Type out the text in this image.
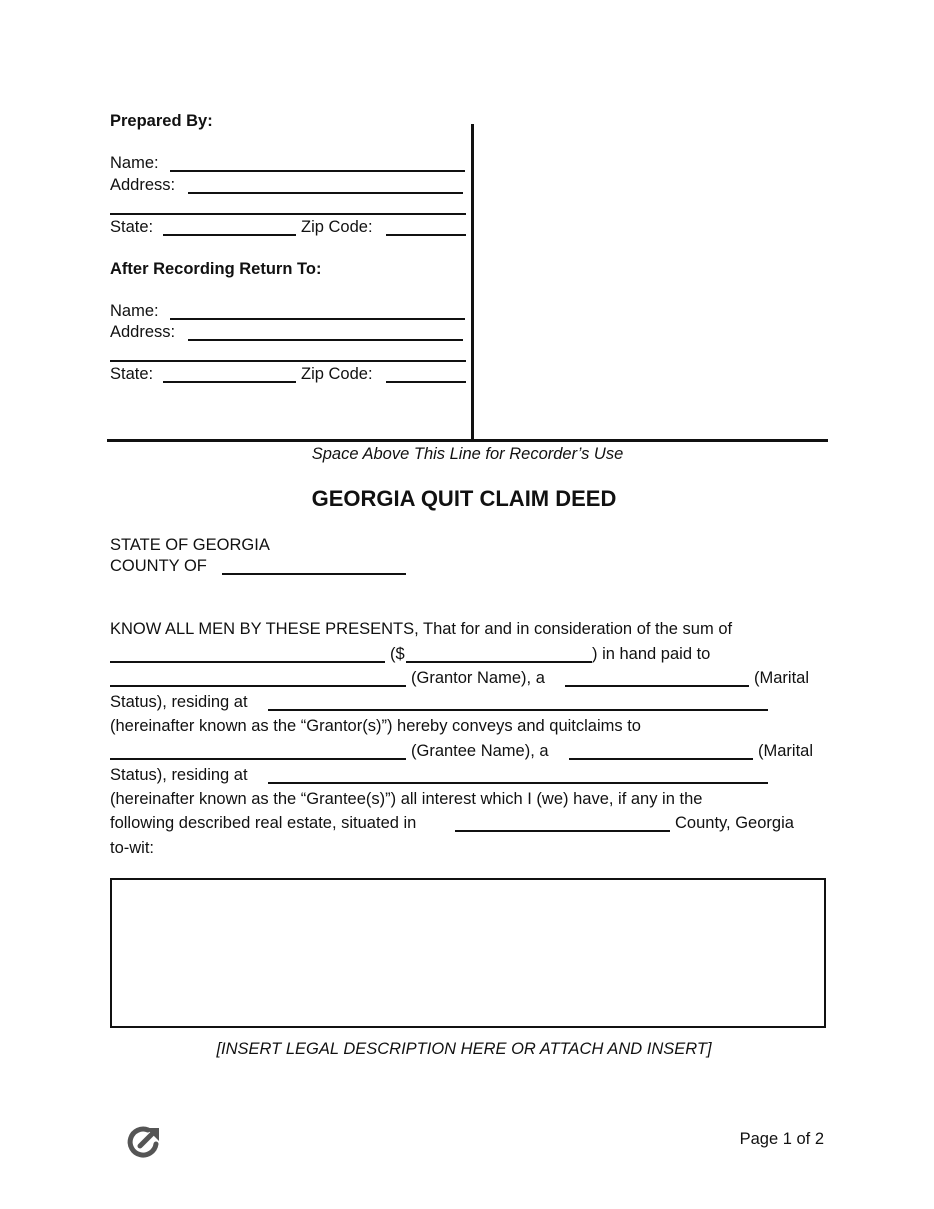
Prepared By:
Name:
Address:
State:	Zip Code:
After Recording Return To:
Name:
Address:
State:	Zip Code:
Space Above This Line for Recorder’s Use
GEORGIA QUIT CLAIM DEED
STATE OF GEORGIA
COUNTY OF
KNOW ALL MEN BY THESE PRESENTS, That for and in consideration of the sum of
($	) in hand paid to
(Grantor Name), a	(Marital
Status), residing at
(hereinafter known as the “Grantor(s)”) hereby conveys and quitclaims to
(Grantee Name), a	(Marital
Status), residing at
(hereinafter known as the “Grantee(s)”) all interest which I (we) have, if any in the
following described real estate, situated in	County, Georgia
to-wit:
[INSERT LEGAL DESCRIPTION HERE OR ATTACH AND INSERT]
Page 1 of 2
